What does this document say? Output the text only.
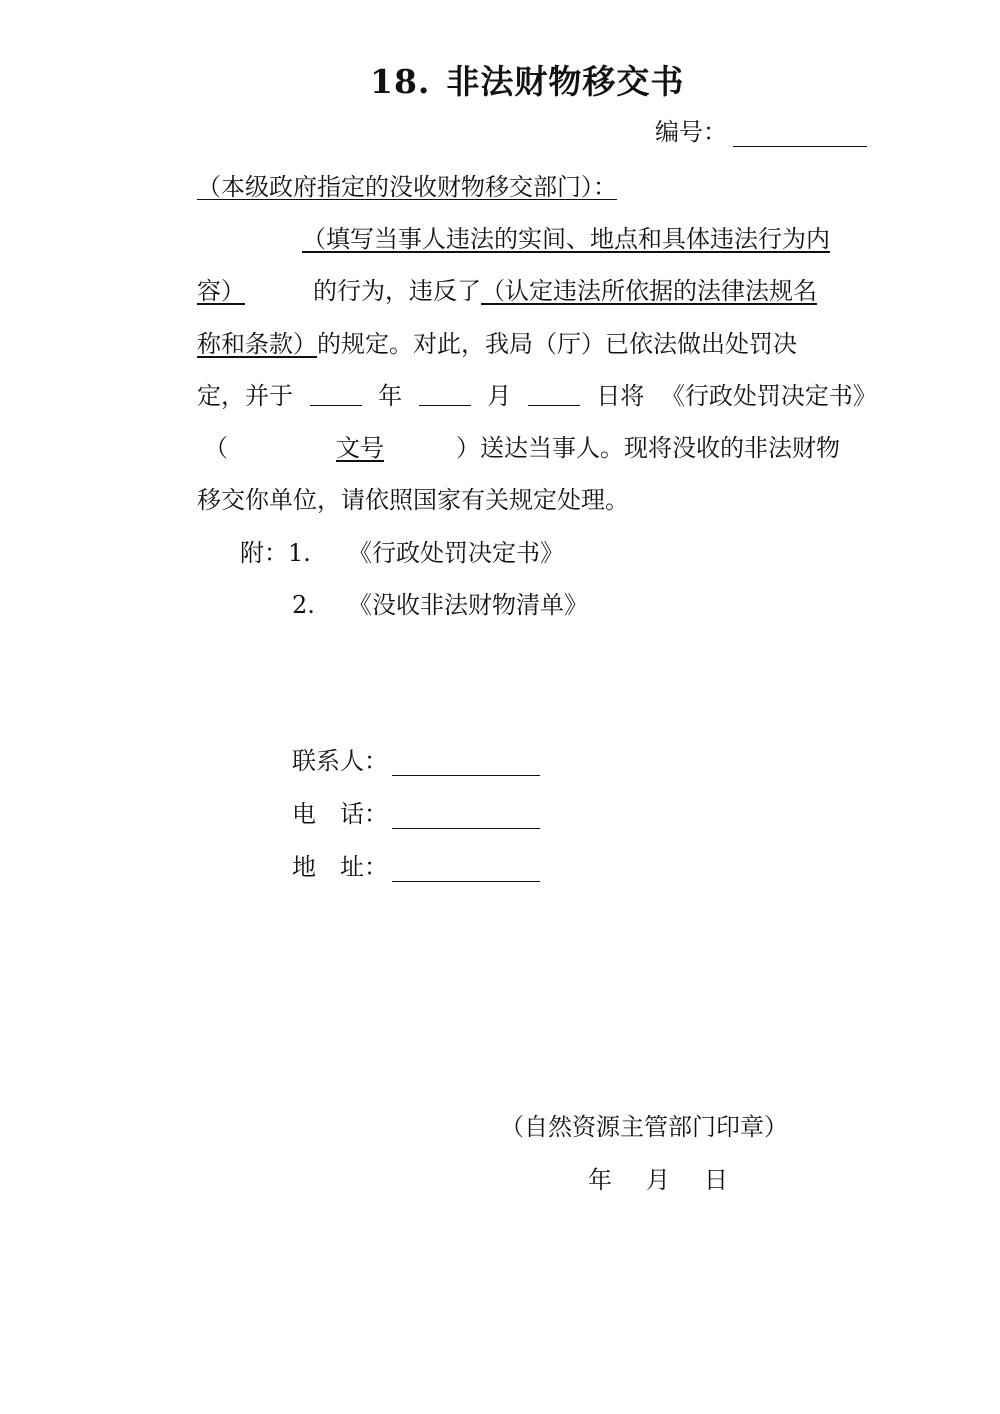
18. 非法财物移交书
编号：
（本级政府指定的没收财物移交部门）：
（填写当事人违法的实间、地点和具体违法行为内
容）	的行为，违反了（认定违法所依据的法律法规名
称和条款）的规定。对此，我局（厅）已依法做出处罚决
定，并于	年	月	日将 《行政处罚决定书》
（	文号	）送达当事人。现将没收的非法财物
移交你单位，请依照国家有关规定处理。
附：1. 《行政处罚决定书》
2. 《没收非法财物清单》
联系人：
电　话：
地　址：
（自然资源主管部门印章）
年 月 日
